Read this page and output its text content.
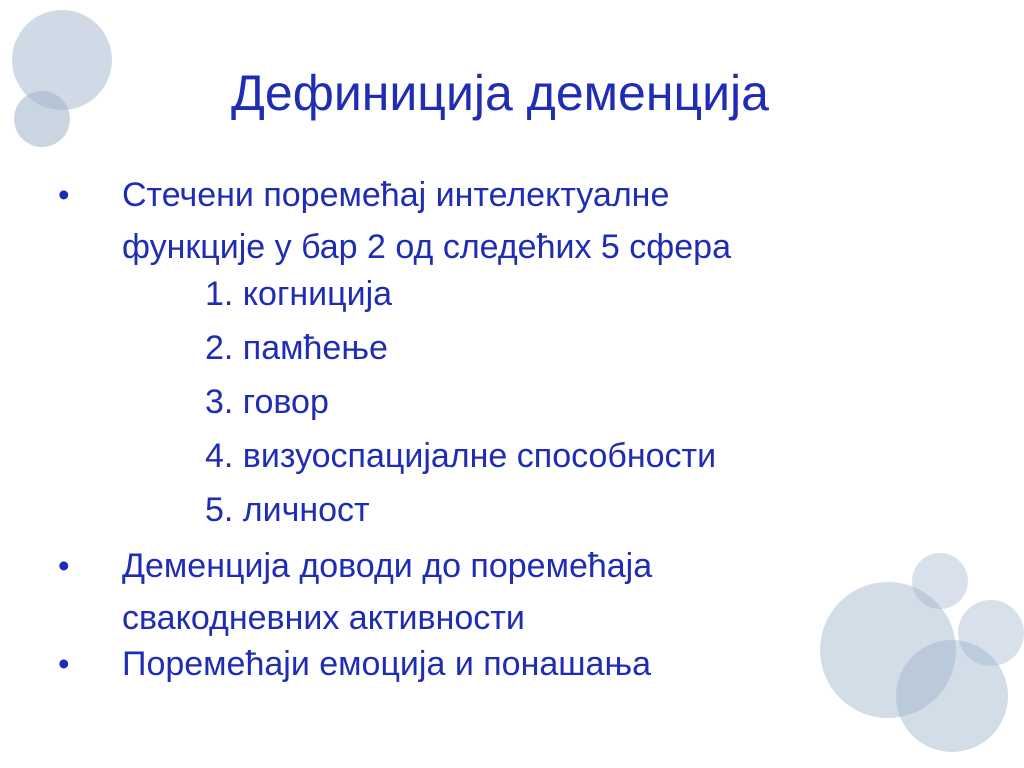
Дефиниција деменција
• Стечени поремећај интелектуалне
функције у бар 2 од следећих 5 сфера
1. когниција
2. памћење
3. говор
4. визуоспацијалне способности
5. личност
• Деменција доводи до поремећаја
свакодневних активности
• Поремећаји емоција и понашања
